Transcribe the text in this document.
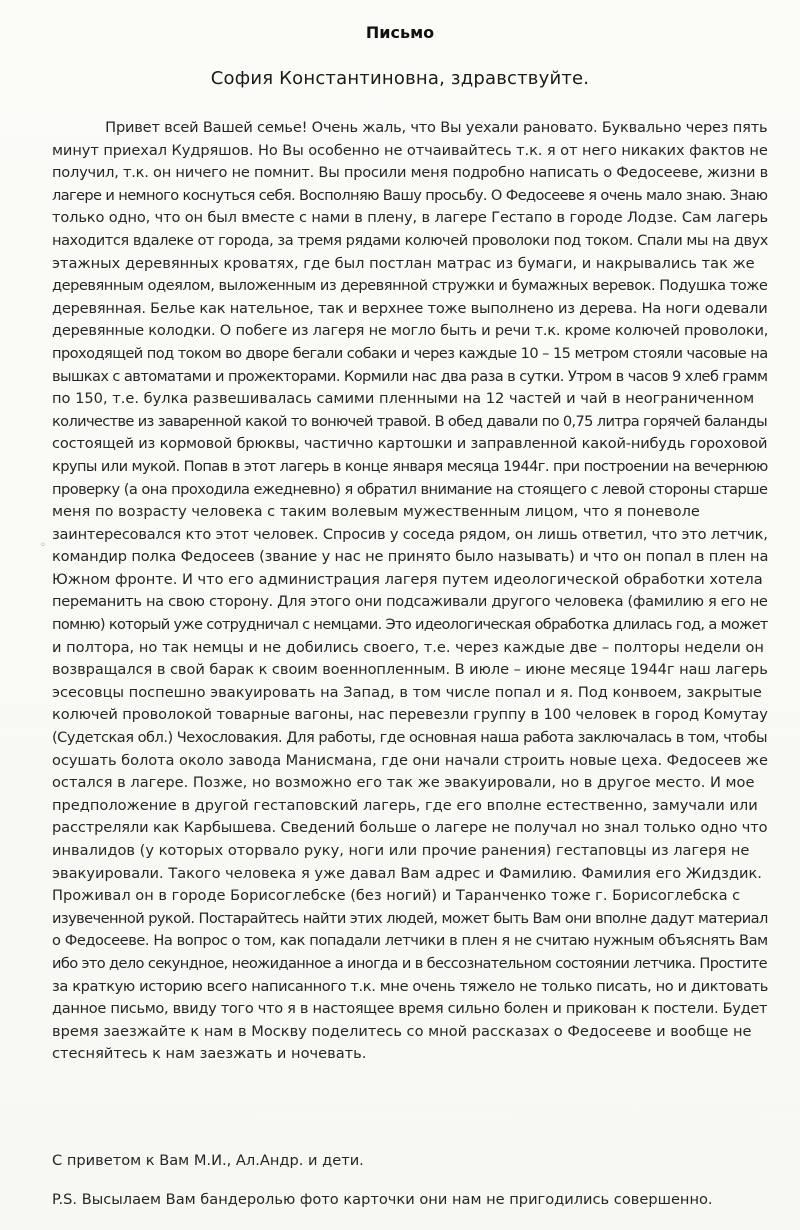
Письмо
София Константиновна, здравствуйте.
Привет всей Вашей семье! Очень жаль, что Вы уехали рановато. Буквально через пять
минут приехал Кудряшов. Но Вы особенно не отчаивайтесь т.к. я от него никаких фактов не
получил, т.к. он ничего не помнит. Вы просили меня подробно написать о Федосееве, жизни в
лагере и немного коснуться себя. Восполняю Вашу просьбу. О Федосееве я очень мало знаю. Знаю
только одно, что он был вместе с нами в плену, в лагере Гестапо в городе Лодзе. Сам лагерь
находится вдалеке от города, за тремя рядами колючей проволоки под током. Спали мы на двух
этажных деревянных кроватях, где был постлан матрас из бумаги, и накрывались так же
деревянным одеялом, выложенным из деревянной стружки и бумажных веревок. Подушка тоже
деревянная. Белье как нательное, так и верхнее тоже выполнено из дерева. На ноги одевали
деревянные колодки. О побеге из лагеря не могло быть и речи т.к. кроме колючей проволоки,
проходящей под током во дворе бегали собаки и через каждые 10 – 15 метром стояли часовые на
вышках с автоматами и прожекторами. Кормили нас два раза в сутки. Утром в часов 9 хлеб грамм
по 150, т.е. булка развешивалась самими пленными на 12 частей и чай в неограниченном
количестве из заваренной какой то вонючей травой. В обед давали по 0,75 литра горячей баланды
состоящей из кормовой брюквы, частично картошки и заправленной какой-нибудь гороховой
крупы или мукой. Попав в этот лагерь в конце января месяца 1944г. при построении на вечернюю
проверку (а она проходила ежедневно) я обратил внимание на стоящего с левой стороны старше
меня по возрасту человека с таким волевым мужественным лицом, что я поневоле
заинтересовался кто этот человек. Спросив у соседа рядом, он лишь ответил, что это летчик,
командир полка Федосеев (звание у нас не принято было называть) и что он попал в плен на
Южном фронте. И что его администрация лагеря путем идеологической обработки хотела
переманить на свою сторону. Для этого они подсаживали другого человека (фамилию я его не
помню) который уже сотрудничал с немцами. Это идеологическая обработка длилась год, а может
и полтора, но так немцы и не добились своего, т.е. через каждые две – полторы недели он
возвращался в свой барак к своим военнопленным. В июле – июне месяце 1944г наш лагерь
эсесовцы поспешно эвакуировать на Запад, в том числе попал и я. Под конвоем, закрытые
колючей проволокой товарные вагоны, нас перевезли группу в 100 человек в город Комутау
(Судетская обл.) Чехословакия. Для работы, где основная наша работа заключалась в том, чтобы
осушать болота около завода Манисмана, где они начали строить новые цеха. Федосеев же
остался в лагере. Позже, но возможно его так же эвакуировали, но в другое место. И мое
предположение в другой гестаповский лагерь, где его вполне естественно, замучали или
расстреляли как Карбышева. Сведений больше о лагере не получал но знал только одно что
инвалидов (у которых оторвало руку, ноги или прочие ранения) гестаповцы из лагеря не
эвакуировали. Такого человека я уже давал Вам адрес и Фамилию. Фамилия его Жидздик.
Проживал он в городе Борисоглебске (без ногий) и Таранченко тоже г. Борисоглебска с
изувеченной рукой. Постарайтесь найти этих людей, может быть Вам они вполне дадут материал
о Федосееве. На вопрос о том, как попадали летчики в плен я не считаю нужным объяснять Вам
ибо это дело секундное, неожиданное а иногда и в бессознательном состоянии летчика. Простите
за краткую историю всего написанного т.к. мне очень тяжело не только писать, но и диктовать
данное письмо, ввиду того что я в настоящее время сильно болен и прикован к постели. Будет
время заезжайте к нам в Москву поделитесь со мной рассказах о Федосееве и вообще не
стесняйтесь к нам заезжать и ночевать.
С приветом к Вам М.И., Ал.Андр. и дети.
P.S. Высылаем Вам бандеролью фото карточки они нам не пригодились совершенно.
◦
